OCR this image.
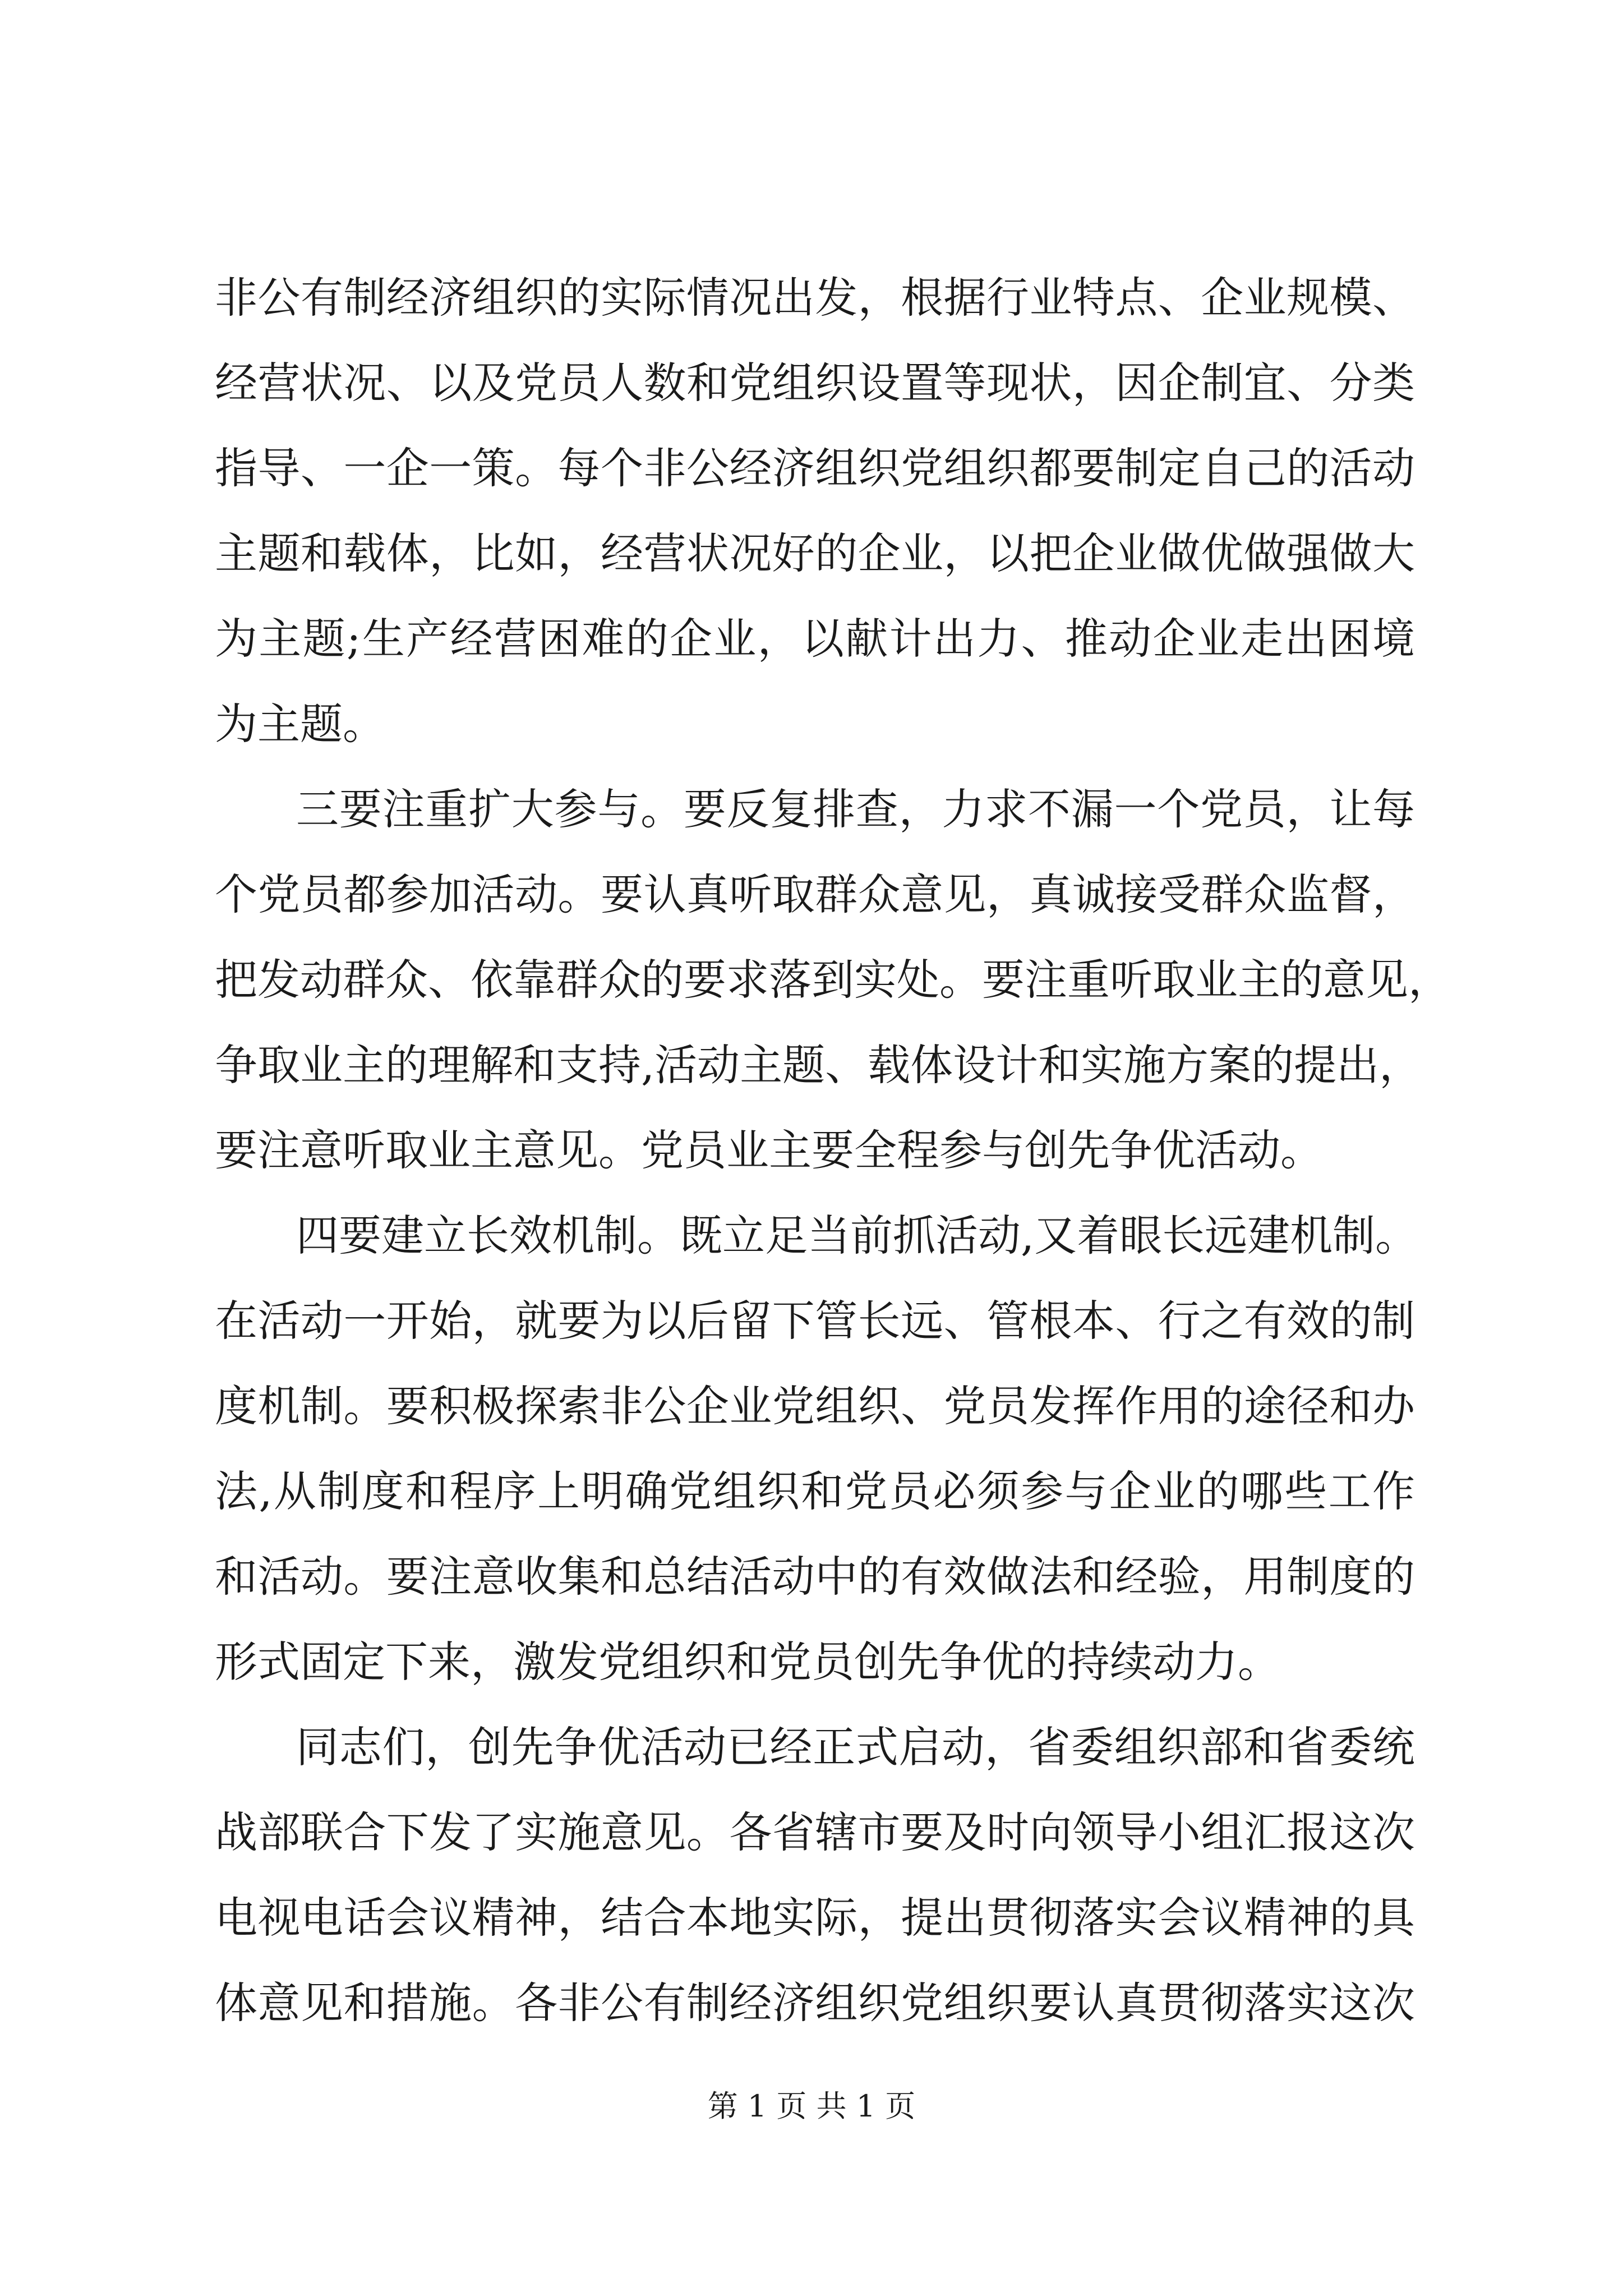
非公有制经济组织的实际情况出发，根据行业特点、企业规模、
经营状况、以及党员人数和党组织设置等现状，因企制宜、分类
指导、一企一策。每个非公经济组织党组织都要制定自己的活动
主题和载体，比如，经营状况好的企业，以把企业做优做强做大
为主题;生产经营困难的企业，以献计出力、推动企业走出困境
为主题。
三要注重扩大参与。要反复排查，力求不漏一个党员，让每
个党员都参加活动。要认真听取群众意见，真诚接受群众监督，
把发动群众、依靠群众的要求落到实处。要注重听取业主的意见，
争取业主的理解和支持,活动主题、载体设计和实施方案的提出，
要注意听取业主意见。党员业主要全程参与创先争优活动。
四要建立长效机制。既立足当前抓活动,又着眼长远建机制。
在活动一开始，就要为以后留下管长远、管根本、行之有效的制
度机制。要积极探索非公企业党组织、党员发挥作用的途径和办
法,从制度和程序上明确党组织和党员必须参与企业的哪些工作
和活动。要注意收集和总结活动中的有效做法和经验，用制度的
形式固定下来，激发党组织和党员创先争优的持续动力。
同志们，创先争优活动已经正式启动，省委组织部和省委统
战部联合下发了实施意见。各省辖市要及时向领导小组汇报这次
电视电话会议精神，结合本地实际，提出贯彻落实会议精神的具
体意见和措施。各非公有制经济组织党组织要认真贯彻落实这次
第 1 页 共 1 页
